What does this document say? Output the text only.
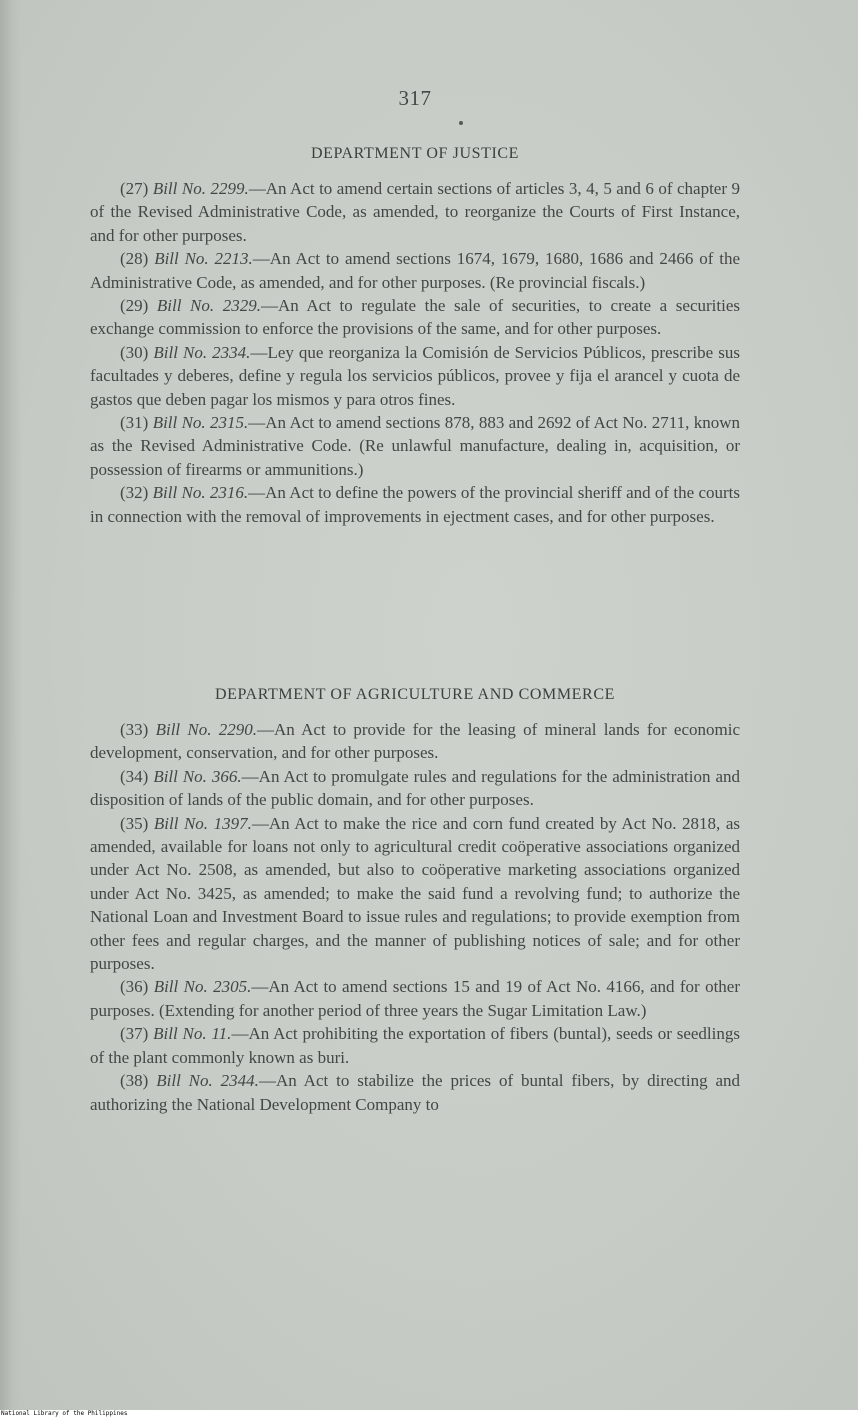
317
DEPARTMENT OF JUSTICE

(27) Bill No. 2299.—An Act to amend certain sections of articles 3, 4, 5 and 6 of chapter 9 of the Revised Administrative Code, as amended, to reorganize the Courts of First Instance, and for other purposes.

(28) Bill No. 2213.—An Act to amend sections 1674, 1679, 1680, 1686 and 2466 of the Administrative Code, as amended, and for other purposes. (Re provincial fiscals.)

(29) Bill No. 2329.—An Act to regulate the sale of securities, to create a securities exchange commission to enforce the provisions of the same, and for other purposes.

(30) Bill No. 2334.—Ley que reorganiza la Comisión de Servicios Públicos, prescribe sus facultades y deberes, define y regula los servicios públicos, provee y fija el arancel y cuota de gastos que deben pagar los mismos y para otros fines.

(31) Bill No. 2315.—An Act to amend sections 878, 883 and 2692 of Act No. 2711, known as the Revised Administrative Code. (Re unlawful manufacture, dealing in, acquisition, or possession of firearms or ammunitions.)

(32) Bill No. 2316.—An Act to define the powers of the provincial sheriff and of the courts in connection with the removal of improvements in ejectment cases, and for other purposes.

DEPARTMENT OF AGRICULTURE AND COMMERCE

(33) Bill No. 2290.—An Act to provide for the leasing of mineral lands for economic development, conservation, and for other purposes.

(34) Bill No. 366.—An Act to promulgate rules and regulations for the administration and disposition of lands of the public domain, and for other purposes.

(35) Bill No. 1397.—An Act to make the rice and corn fund created by Act No. 2818, as amended, available for loans not only to agricultural credit coöperative associations organized under Act No. 2508, as amended, but also to coöperative marketing associations organized under Act No. 3425, as amended; to make the said fund a revolving fund; to authorize the National Loan and Investment Board to issue rules and regulations; to provide exemption from other fees and regular charges, and the manner of publishing notices of sale; and for other purposes.

(36) Bill No. 2305.—An Act to amend sections 15 and 19 of Act No. 4166, and for other purposes. (Extending for another period of three years the Sugar Limitation Law.)

(37) Bill No. 11.—An Act prohibiting the exportation of fibers (buntal), seeds or seedlings of the plant commonly known as buri.

(38) Bill No. 2344.—An Act to stabilize the prices of buntal fibers, by directing and authorizing the National Development Company to

National Library of the Philippines
